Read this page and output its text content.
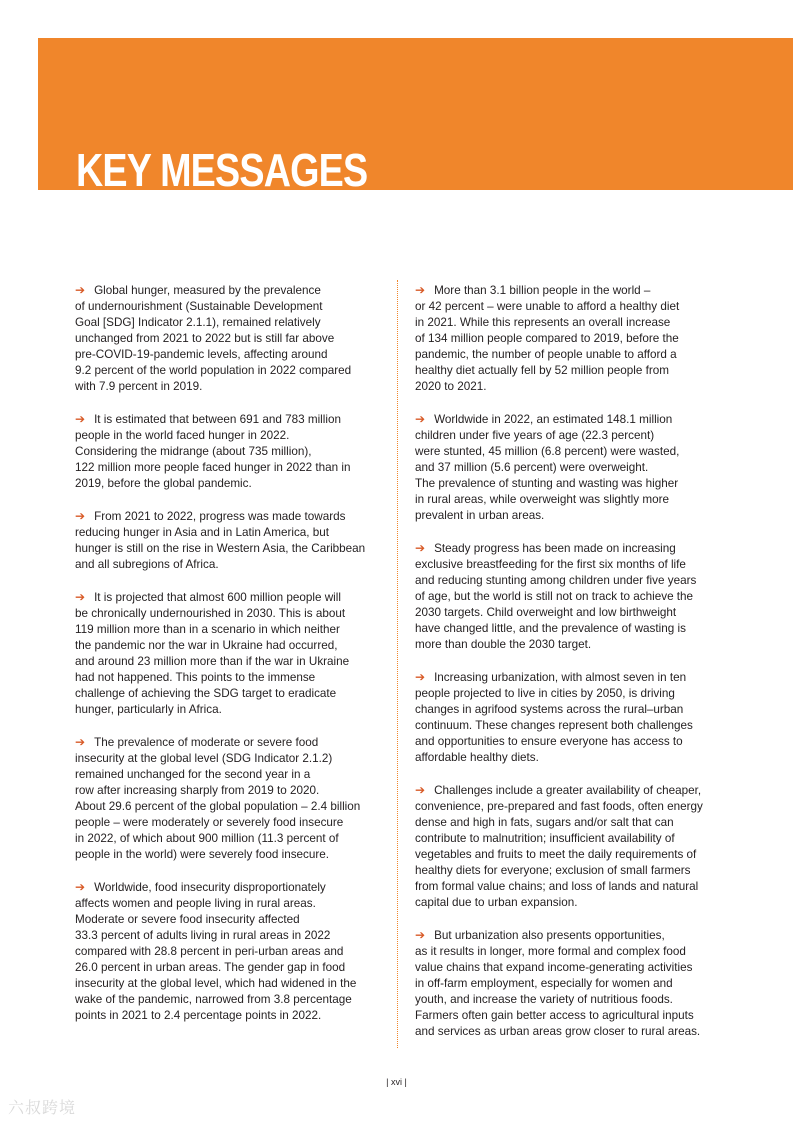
KEY MESSAGES
➔ Global hunger, measured by the prevalence
of undernourishment (Sustainable Development
Goal [SDG] Indicator 2.1.1), remained relatively
unchanged from 2021 to 2022 but is still far above
pre-COVID-19-pandemic levels, affecting around
9.2 percent of the world population in 2022 compared
with 7.9 percent in 2019.
➔ It is estimated that between 691 and 783 million
people in the world faced hunger in 2022.
Considering the midrange (about 735 million),
122 million more people faced hunger in 2022 than in
2019, before the global pandemic.
➔ From 2021 to 2022, progress was made towards
reducing hunger in Asia and in Latin America, but
hunger is still on the rise in Western Asia, the Caribbean
and all subregions of Africa.
➔ It is projected that almost 600 million people will
be chronically undernourished in 2030. This is about
119 million more than in a scenario in which neither
the pandemic nor the war in Ukraine had occurred,
and around 23 million more than if the war in Ukraine
had not happened. This points to the immense
challenge of achieving the SDG target to eradicate
hunger, particularly in Africa.
➔ The prevalence of moderate or severe food
insecurity at the global level (SDG Indicator 2.1.2)
remained unchanged for the second year in a
row after increasing sharply from 2019 to 2020.
About 29.6 percent of the global population – 2.4 billion
people – were moderately or severely food insecure
in 2022, of which about 900 million (11.3 percent of
people in the world) were severely food insecure.
➔ Worldwide, food insecurity disproportionately
affects women and people living in rural areas.
Moderate or severe food insecurity affected
33.3 percent of adults living in rural areas in 2022
compared with 28.8 percent in peri-urban areas and
26.0 percent in urban areas. The gender gap in food
insecurity at the global level, which had widened in the
wake of the pandemic, narrowed from 3.8 percentage
points in 2021 to 2.4 percentage points in 2022.
➔ More than 3.1 billion people in the world –
or 42 percent – were unable to afford a healthy diet
in 2021. While this represents an overall increase
of 134 million people compared to 2019, before the
pandemic, the number of people unable to afford a
healthy diet actually fell by 52 million people from
2020 to 2021.
➔ Worldwide in 2022, an estimated 148.1 million
children under five years of age (22.3 percent)
were stunted, 45 million (6.8 percent) were wasted,
and 37 million (5.6 percent) were overweight.
The prevalence of stunting and wasting was higher
in rural areas, while overweight was slightly more
prevalent in urban areas.
➔ Steady progress has been made on increasing
exclusive breastfeeding for the first six months of life
and reducing stunting among children under five years
of age, but the world is still not on track to achieve the
2030 targets. Child overweight and low birthweight
have changed little, and the prevalence of wasting is
more than double the 2030 target.
➔ Increasing urbanization, with almost seven in ten
people projected to live in cities by 2050, is driving
changes in agrifood systems across the rural–urban
continuum. These changes represent both challenges
and opportunities to ensure everyone has access to
affordable healthy diets.
➔ Challenges include a greater availability of cheaper,
convenience, pre-prepared and fast foods, often energy
dense and high in fats, sugars and/or salt that can
contribute to malnutrition; insufficient availability of
vegetables and fruits to meet the daily requirements of
healthy diets for everyone; exclusion of small farmers
from formal value chains; and loss of lands and natural
capital due to urban expansion.
➔ But urbanization also presents opportunities,
as it results in longer, more formal and complex food
value chains that expand income-generating activities
in off-farm employment, especially for women and
youth, and increase the variety of nutritious foods.
Farmers often gain better access to agricultural inputs
and services as urban areas grow closer to rural areas.
| xvi |
六叔跨境
